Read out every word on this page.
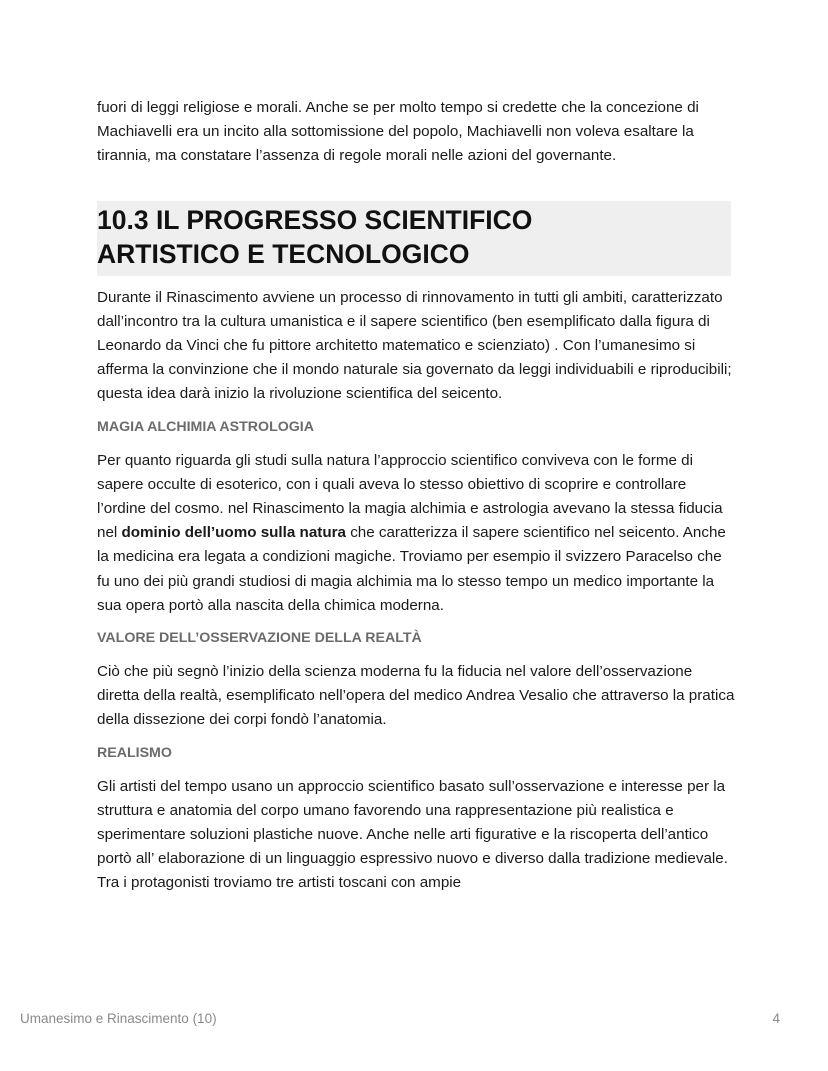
fuori di leggi religiose e morali. Anche se per molto tempo si credette che la concezione di Machiavelli era un incito alla sottomissione del popolo, Machiavelli non voleva esaltare la tirannia, ma constatare l’assenza di regole morali nelle azioni del governante.

10.3 IL PROGRESSO SCIENTIFICO
ARTISTICO E TECNOLOGICO

Durante il Rinascimento avviene un processo di rinnovamento in tutti gli ambiti, caratterizzato dall’incontro tra la cultura umanistica e il sapere scientifico (ben esemplificato dalla figura di Leonardo da Vinci che fu pittore architetto matematico e scienziato) . Con l’umanesimo si afferma la convinzione che il mondo naturale sia governato da leggi individuabili e riproducibili; questa idea darà inizio la rivoluzione scientifica del seicento.

MAGIA ALCHIMIA ASTROLOGIA

Per quanto riguarda gli studi sulla natura l’approccio scientifico conviveva con le forme di sapere occulte di esoterico, con i quali aveva lo stesso obiettivo di scoprire e controllare l’ordine del cosmo. nel Rinascimento la magia alchimia e astrologia avevano la stessa fiducia nel dominio dell’uomo sulla natura che caratterizza il sapere scientifico nel seicento. Anche la medicina era legata a condizioni magiche. Troviamo per esempio il svizzero Paracelso che fu uno dei più grandi studiosi di magia alchimia ma lo stesso tempo un medico importante la sua opera portò alla nascita della chimica moderna.

VALORE DELL’OSSERVAZIONE DELLA REALTÀ

Ciò che più segnò l’inizio della scienza moderna fu la fiducia nel valore dell’osservazione diretta della realtà, esemplificato nell’opera del medico Andrea Vesalio che attraverso la pratica della dissezione dei corpi fondò l’anatomia.

REALISMO

Gli artisti del tempo usano un approccio scientifico basato sull’osservazione e interesse per la struttura e anatomia del corpo umano favorendo una rappresentazione più realistica e sperimentare soluzioni plastiche nuove. Anche nelle arti figurative e la riscoperta dell’antico portò all’ elaborazione di un linguaggio espressivo nuovo e diverso dalla tradizione medievale. Tra i protagonisti troviamo tre artisti toscani con ampie

Umanesimo e Rinascimento (10)	4
